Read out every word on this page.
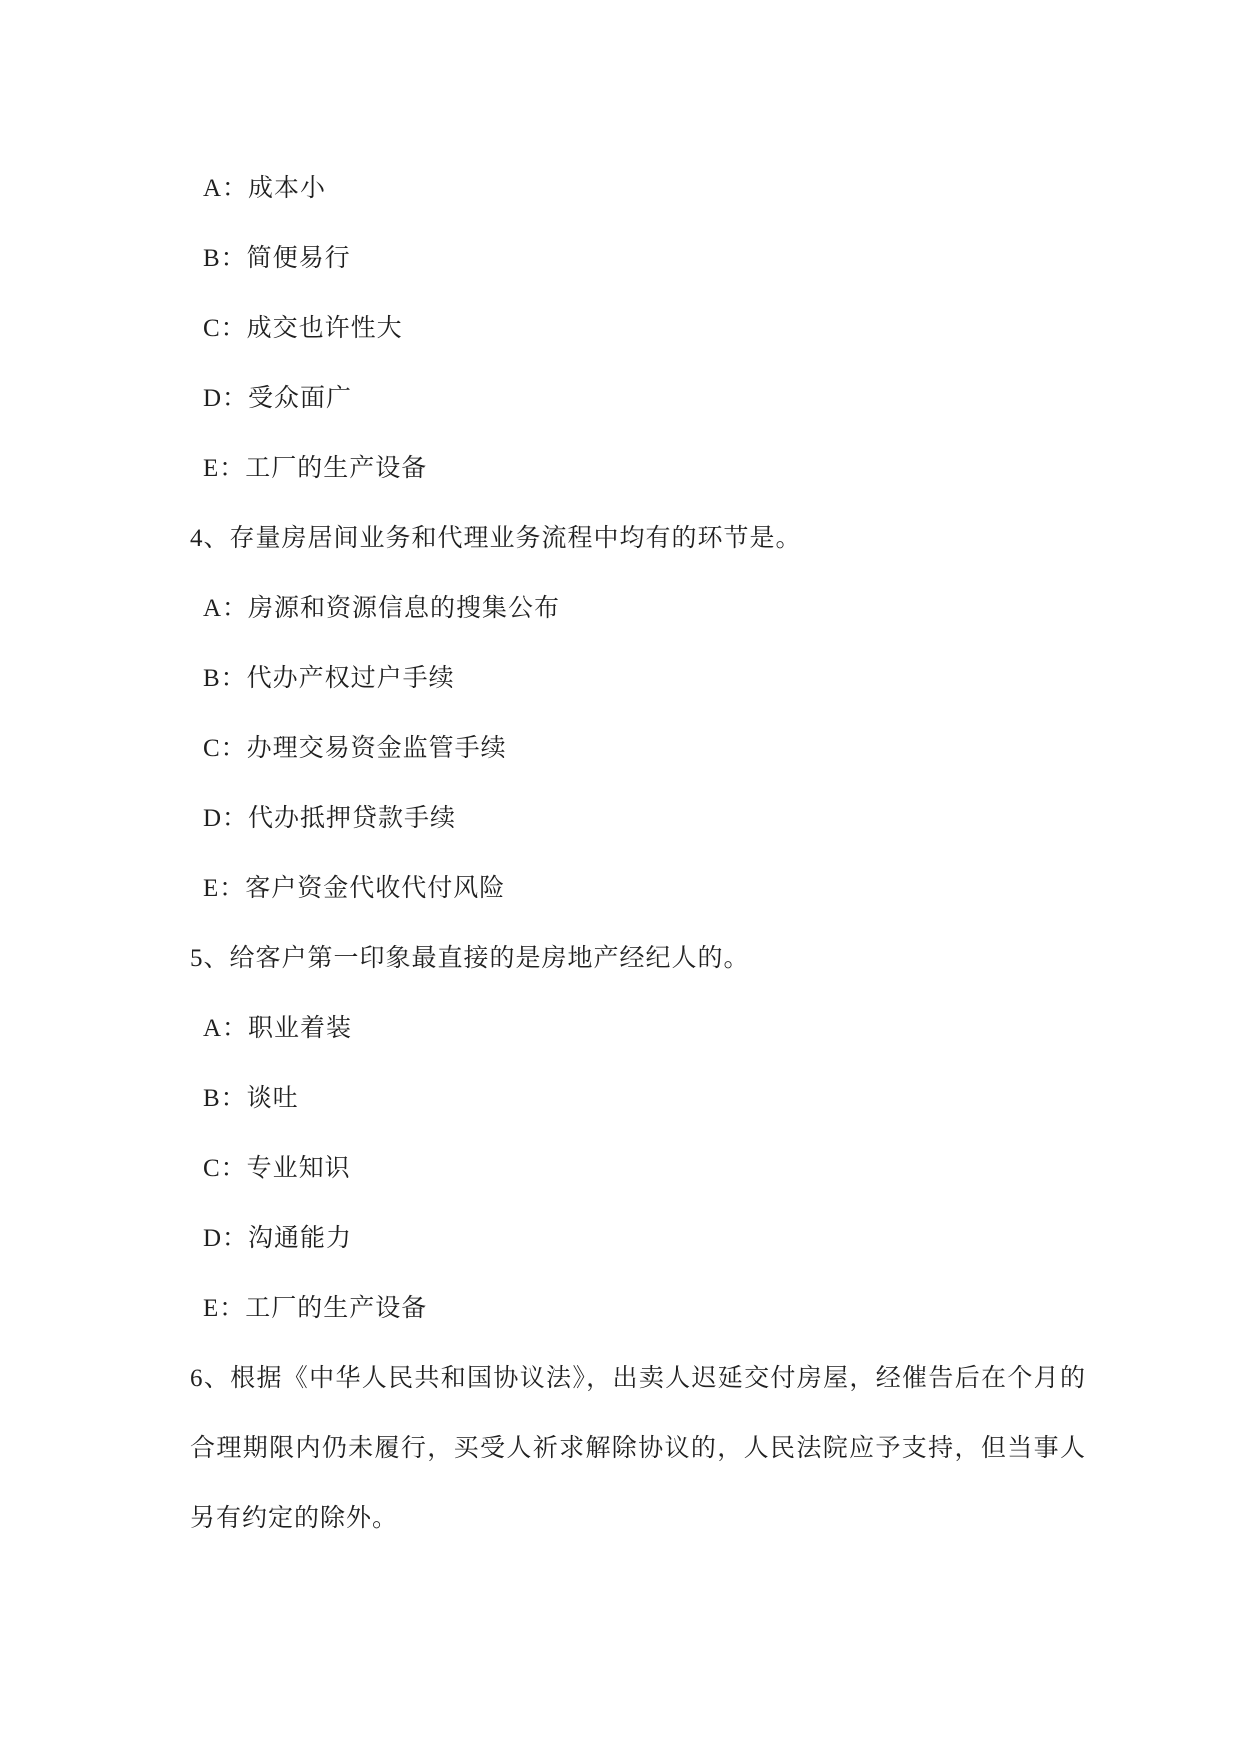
A：成本小
B：简便易行
C：成交也许性大
D：受众面广
E：工厂的生产设备
4、存量房居间业务和代理业务流程中均有的环节是。
A：房源和资源信息的搜集公布
B：代办产权过户手续
C：办理交易资金监管手续
D：代办抵押贷款手续
E：客户资金代收代付风险
5、给客户第一印象最直接的是房地产经纪人的。
A：职业着装
B：谈吐
C：专业知识
D：沟通能力
E：工厂的生产设备
6、根据《中华人民共和国协议法》，出卖人迟延交付房屋，经催告后在个月的
合理期限内仍未履行，买受人祈求解除协议的，人民法院应予支持，但当事人
另有约定的除外。
